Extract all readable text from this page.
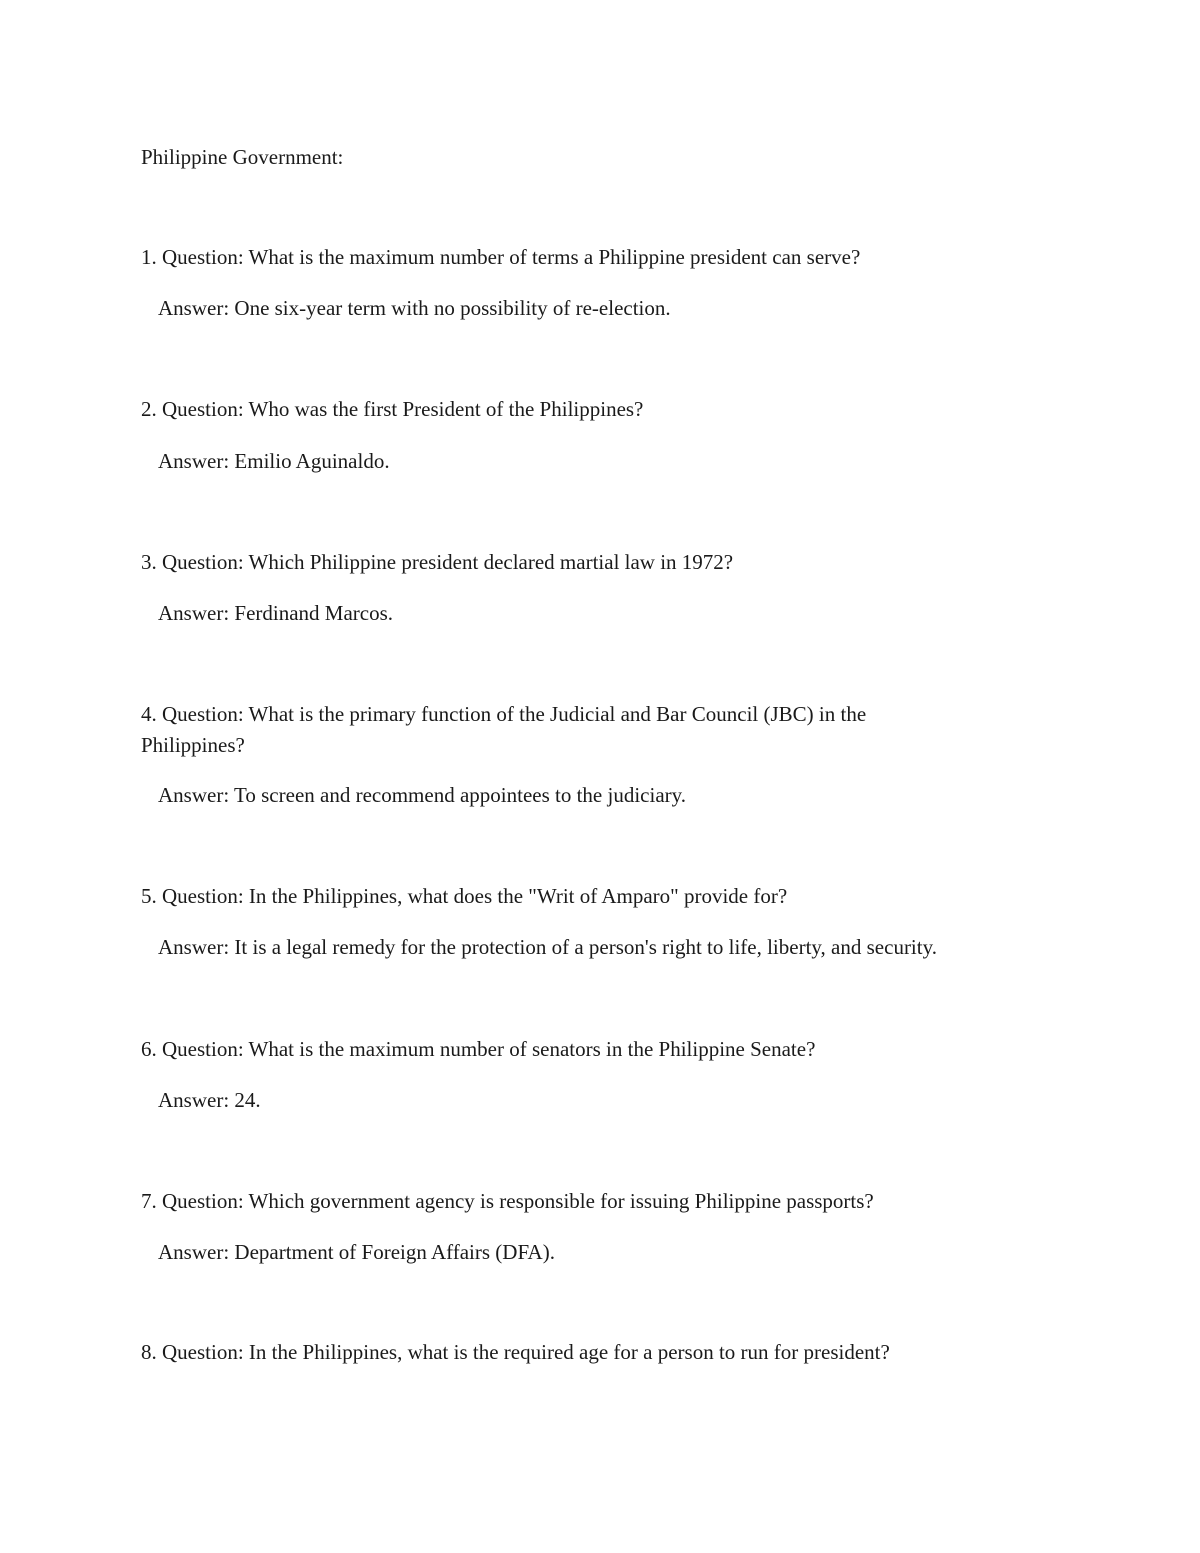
Philippine Government:
1. Question: What is the maximum number of terms a Philippine president can serve?
Answer: One six-year term with no possibility of re-election.
2. Question: Who was the first President of the Philippines?
Answer: Emilio Aguinaldo.
3. Question: Which Philippine president declared martial law in 1972?
Answer: Ferdinand Marcos.
4. Question: What is the primary function of the Judicial and Bar Council (JBC) in the
Philippines?
Answer: To screen and recommend appointees to the judiciary.
5. Question: In the Philippines, what does the "Writ of Amparo" provide for?
Answer: It is a legal remedy for the protection of a person's right to life, liberty, and security.
6. Question: What is the maximum number of senators in the Philippine Senate?
Answer: 24.
7. Question: Which government agency is responsible for issuing Philippine passports?
Answer: Department of Foreign Affairs (DFA).
8. Question: In the Philippines, what is the required age for a person to run for president?
